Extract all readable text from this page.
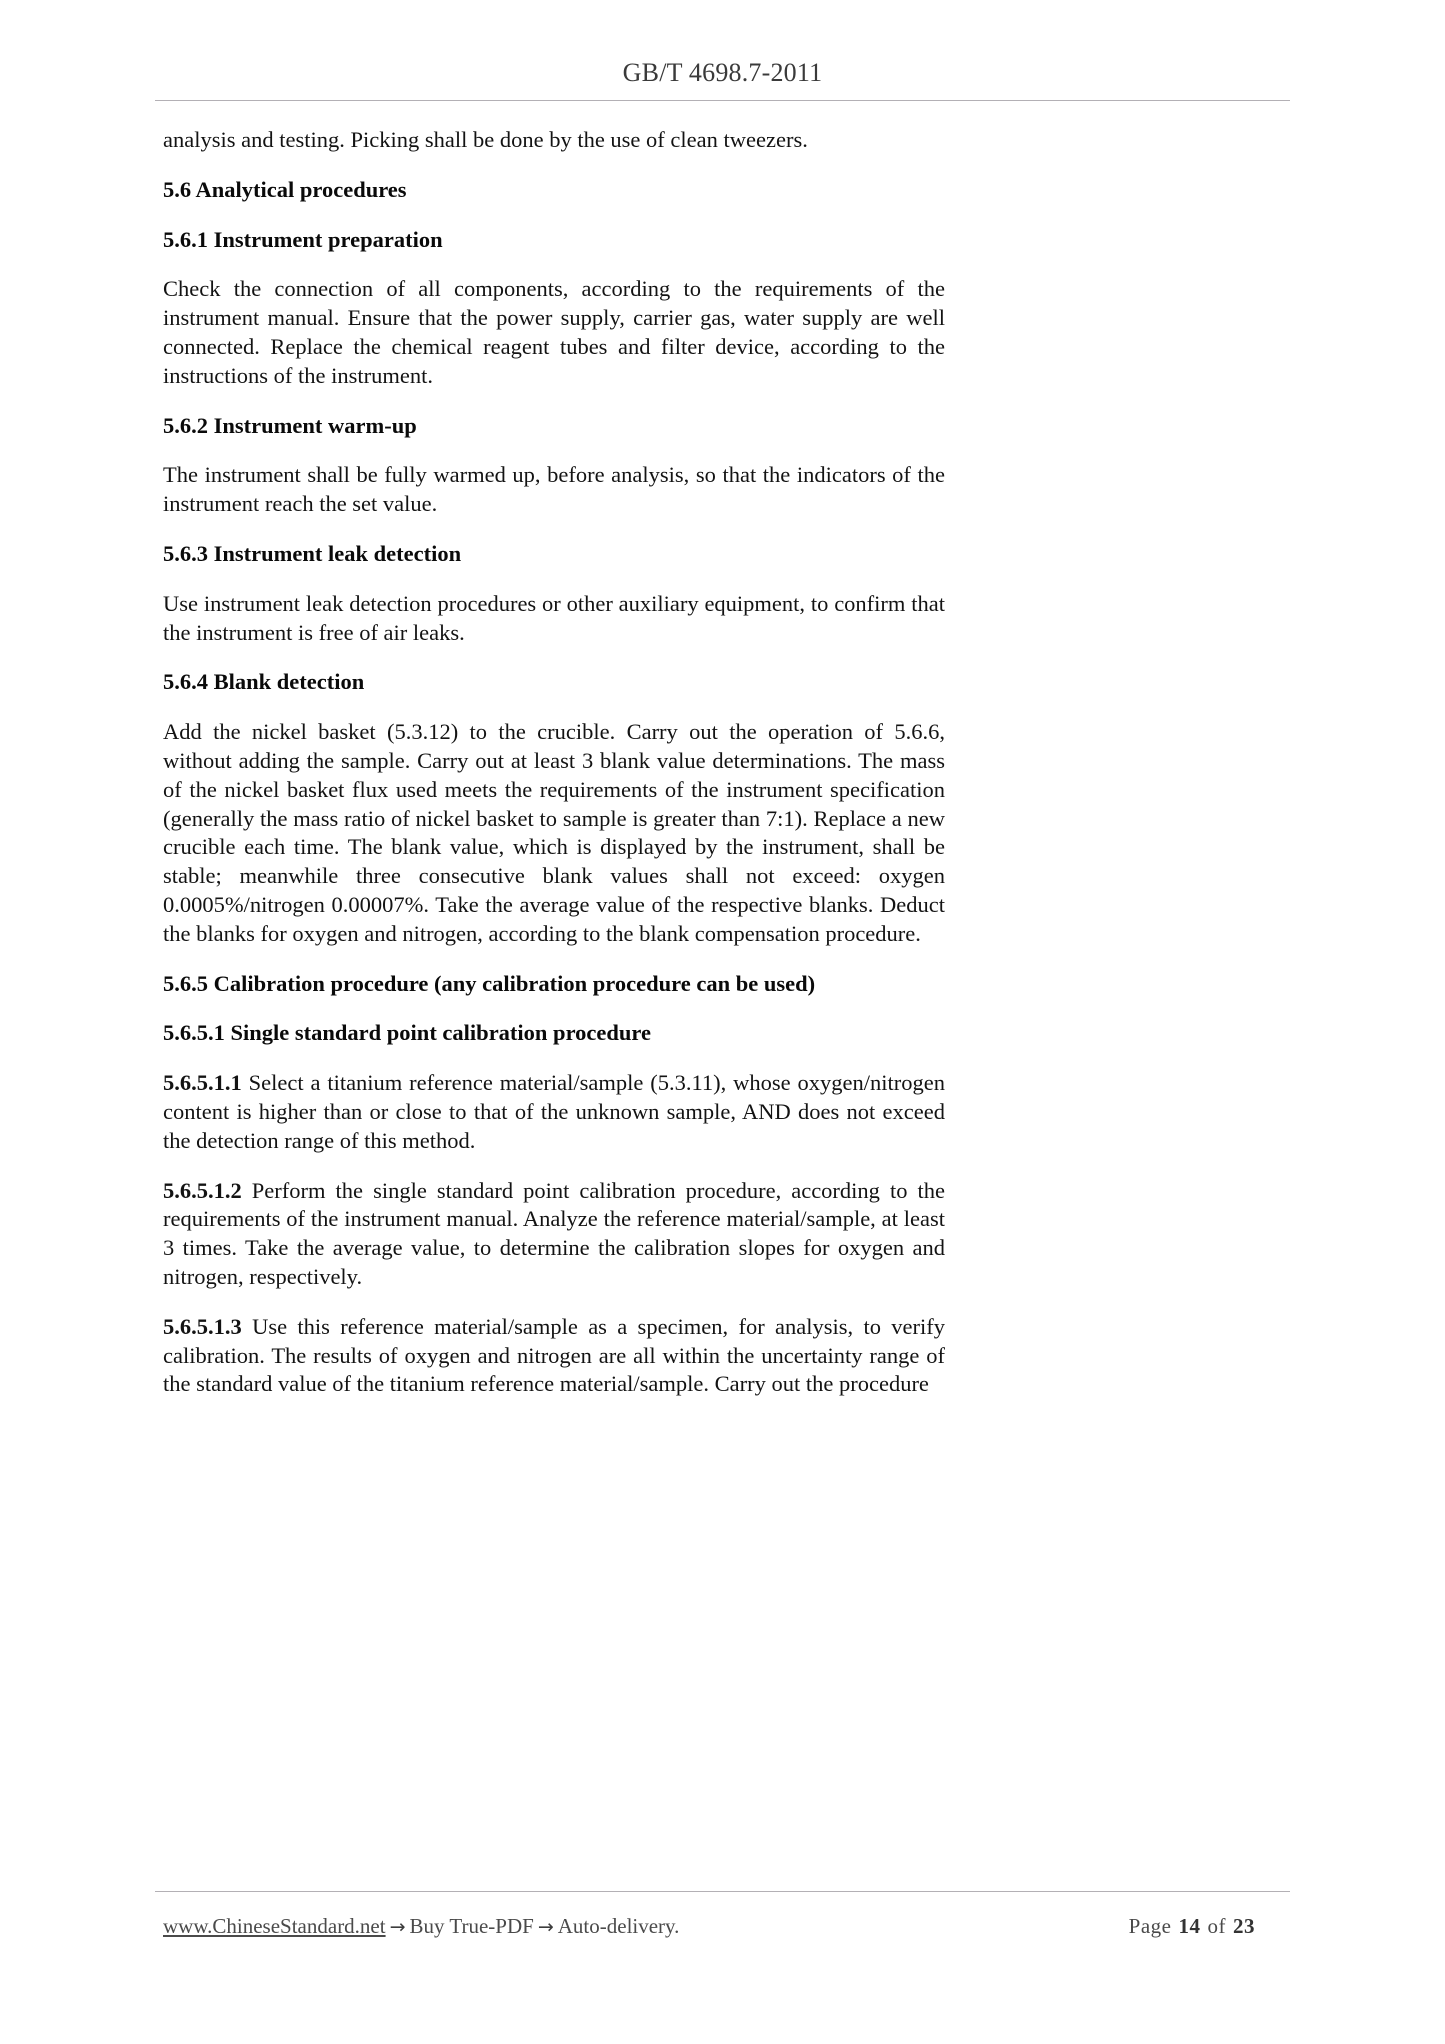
GB/T 4698.7-2011

analysis and testing. Picking shall be done by the use of clean tweezers.

5.6 Analytical procedures
5.6.1 Instrument preparation

Check the connection of all components, according to the requirements of the instrument manual. Ensure that the power supply, carrier gas, water supply are well connected. Replace the chemical reagent tubes and filter device, according to the instructions of the instrument.

5.6.2 Instrument warm-up

The instrument shall be fully warmed up, before analysis, so that the indicators of the instrument reach the set value.

5.6.3 Instrument leak detection

Use instrument leak detection procedures or other auxiliary equipment, to confirm that the instrument is free of air leaks.

5.6.4 Blank detection

Add the nickel basket (5.3.12) to the crucible. Carry out the operation of 5.6.6, without adding the sample. Carry out at least 3 blank value determinations. The mass of the nickel basket flux used meets the requirements of the instrument specification (generally the mass ratio of nickel basket to sample is greater than 7:1). Replace a new crucible each time. The blank value, which is displayed by the instrument, shall be stable; meanwhile three consecutive blank values shall not exceed: oxygen 0.0005%/nitrogen 0.00007%. Take the average value of the respective blanks. Deduct the blanks for oxygen and nitrogen, according to the blank compensation procedure.

5.6.5 Calibration procedure (any calibration procedure can be used)
5.6.5.1 Single standard point calibration procedure

5.6.5.1.1 Select a titanium reference material/sample (5.3.11), whose oxygen/nitrogen content is higher than or close to that of the unknown sample, AND does not exceed the detection range of this method.

5.6.5.1.2 Perform the single standard point calibration procedure, according to the requirements of the instrument manual. Analyze the reference material/sample, at least 3 times. Take the average value, to determine the calibration slopes for oxygen and nitrogen, respectively.

5.6.5.1.3 Use this reference material/sample as a specimen, for analysis, to verify calibration. The results of oxygen and nitrogen are all within the uncertainty range of the standard value of the titanium reference material/sample. Carry out the procedure

www.ChineseStandard.net → Buy True-PDF → Auto-delivery.	Page 14 of 23
